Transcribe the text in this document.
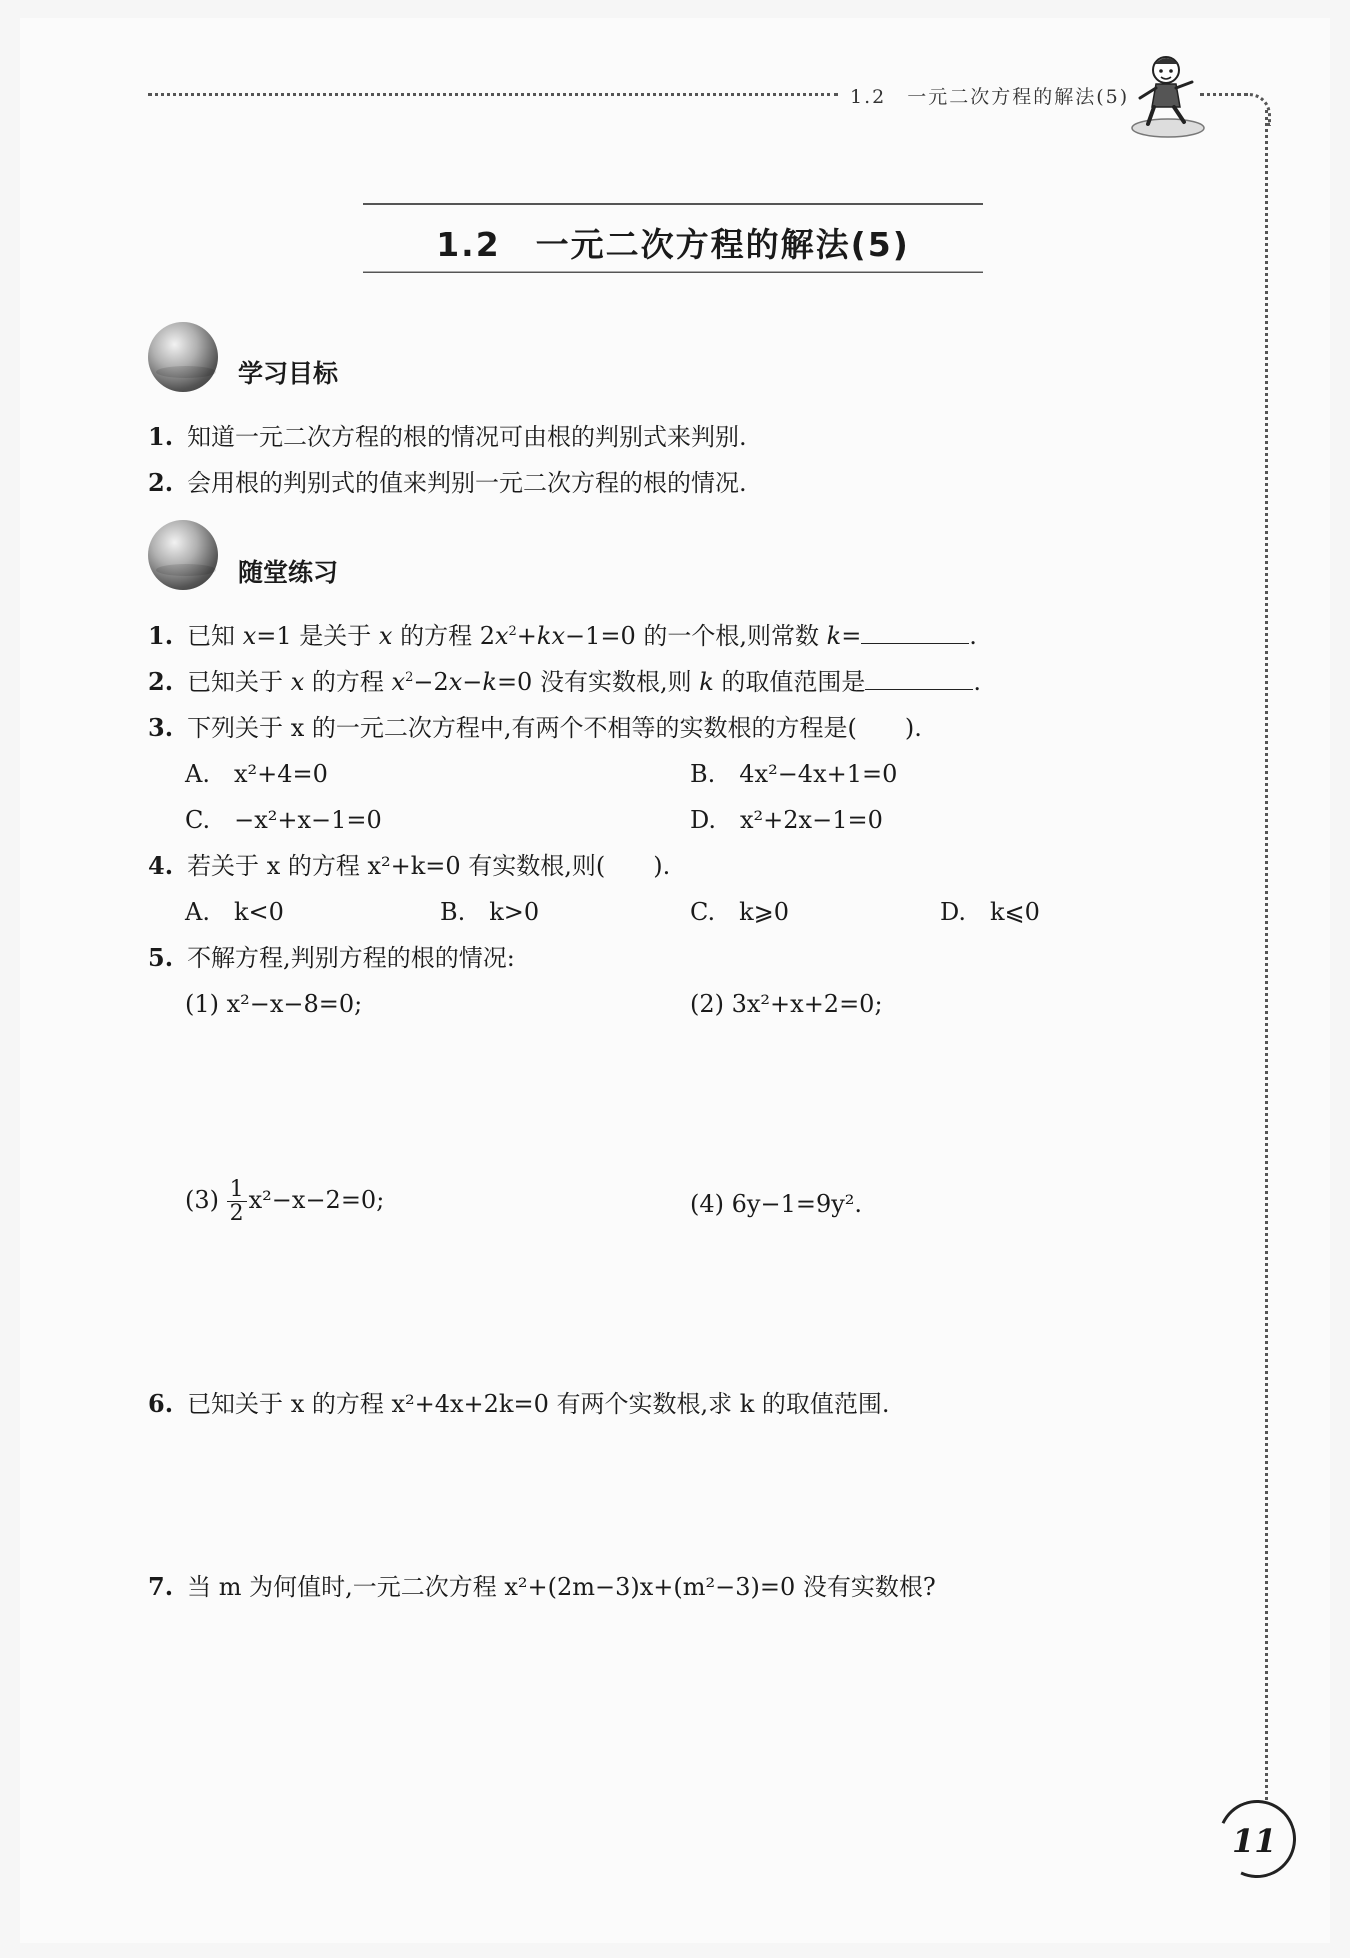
1.2　一元二次方程的解法(5)
1.2　一元二次方程的解法(5)
学习目标
1. 知道一元二次方程的根的情况可由根的判别式来判别.
2. 会用根的判别式的值来判别一元二次方程的根的情况.
随堂练习
1. 已知 x=1 是关于 x 的方程 $2x^2+kx-1=0$ 的一个根,则常数 k=	.
2. 已知关于 x 的方程 $x^2-2x-k=0$ 没有实数根,则 k 的取值范围是	.
3. 下列关于 x 的一元二次方程中,有两个不相等的实数根的方程是(　　).
A.　x²+4=0	B.　4x²−4x+1=0
C.　−x²+x−1=0	D.　x²+2x−1=0
4. 若关于 x 的方程 x²+k=0 有实数根,则(　　).
A.　k<0	B.　k>0	C.　k⩾0	D.　k⩽0
5. 不解方程,判别方程的根的情况:
(1) x²−x−8=0;	(2) 3x²+x+2=0;
$(3) \frac{1}{2} x^2-x-2=0$;	(4) 6y−1=9y².
6. 已知关于 x 的方程 x²+4x+2k=0 有两个实数根,求 k 的取值范围.
7. 当 m 为何值时,一元二次方程 x²+(2m−3)x+(m²−3)=0 没有实数根?
11
